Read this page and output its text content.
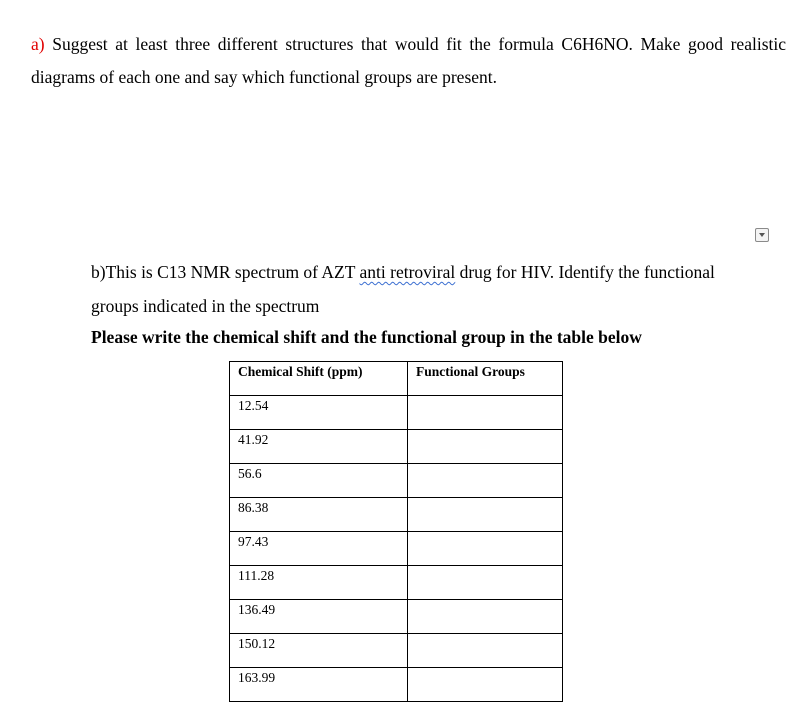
a) Suggest at least three different structures that would fit the formula C6H6NO. Make good realistic diagrams of each one and say which functional groups are present.
b)This is C13 NMR spectrum of AZT anti retroviral drug for HIV. Identify the functional groups indicated in the spectrum
Please write the chemical shift and the functional group in the table below
Chemical Shift (ppm)	Functional Groups
12.54	
41.92	
56.6	
86.38	
97.43	
111.28	
136.49	
150.12	
163.99	
